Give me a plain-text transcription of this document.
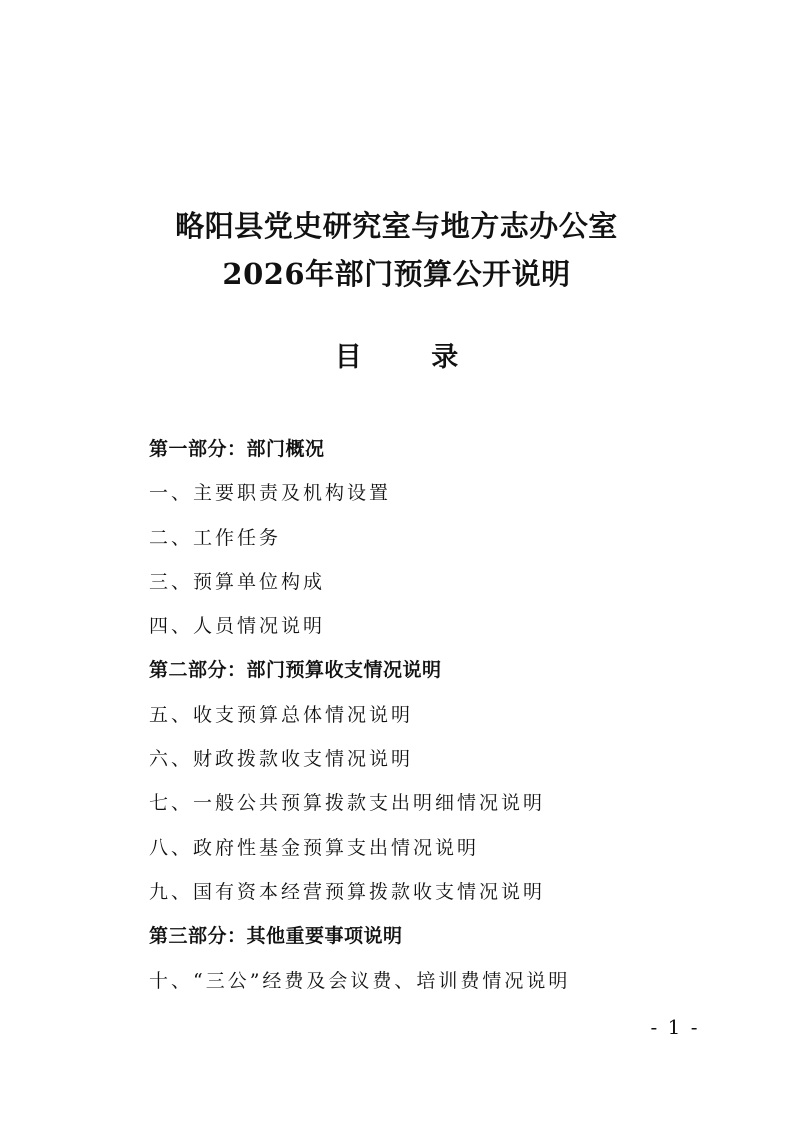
略阳县党史研究室与地方志办公室
2026年部门预算公开说明
目 录
第一部分：部门概况
一、主要职责及机构设置
二、工作任务
三、预算单位构成
四、人员情况说明
第二部分：部门预算收支情况说明
五、收支预算总体情况说明
六、财政拨款收支情况说明
七、一般公共预算拨款支出明细情况说明
八、政府性基金预算支出情况说明
九、国有资本经营预算拨款收支情况说明
第三部分：其他重要事项说明
十、“三公”经费及会议费、培训费情况说明
- 1 -
